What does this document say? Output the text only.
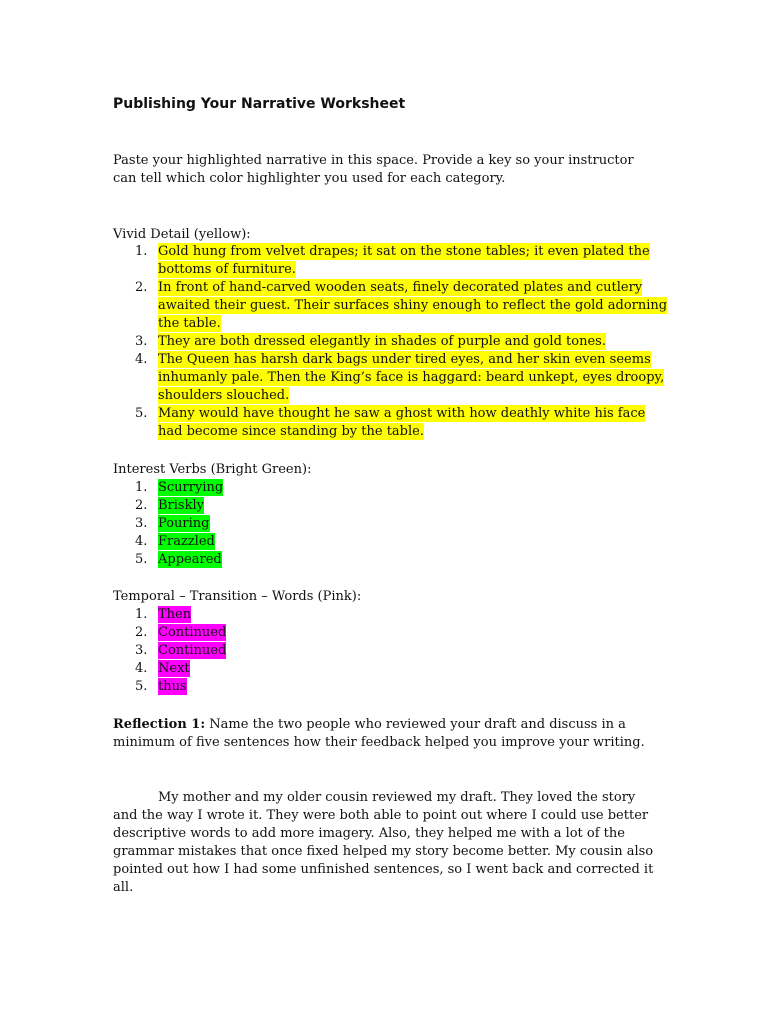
Publishing Your Narrative Worksheet

Paste your highlighted narrative in this space. Provide a key so your instructor can tell which color highlighter you used for each category.

Vivid Detail (yellow):
1. Gold hung from velvet drapes; it sat on the stone tables; it even plated the bottoms of furniture.
2. In front of hand-carved wooden seats, finely decorated plates and cutlery awaited their guest. Their surfaces shiny enough to reflect the gold adorning the table.
3. They are both dressed elegantly in shades of purple and gold tones.
4. The Queen has harsh dark bags under tired eyes, and her skin even seems inhumanly pale. Then the King’s face is haggard: beard unkept, eyes droopy, shoulders slouched.
5. Many would have thought he saw a ghost with how deathly white his face had become since standing by the table.
Interest Verbs (Bright Green):
1. Scurrying
2. Briskly
3. Pouring
4. Frazzled
5. Appeared
Temporal – Transition – Words (Pink):
1. Then
2. Continued
3. Continued
4. Next
5. thus

Reflection 1: Name the two people who reviewed your draft and discuss in a minimum of five sentences how their feedback helped you improve your writing.

My mother and my older cousin reviewed my draft. They loved the story and the way I wrote it. They were both able to point out where I could use better descriptive words to add more imagery. Also, they helped me with a lot of the grammar mistakes that once fixed helped my story become better. My cousin also pointed out how I had some unfinished sentences, so I went back and corrected it all.
